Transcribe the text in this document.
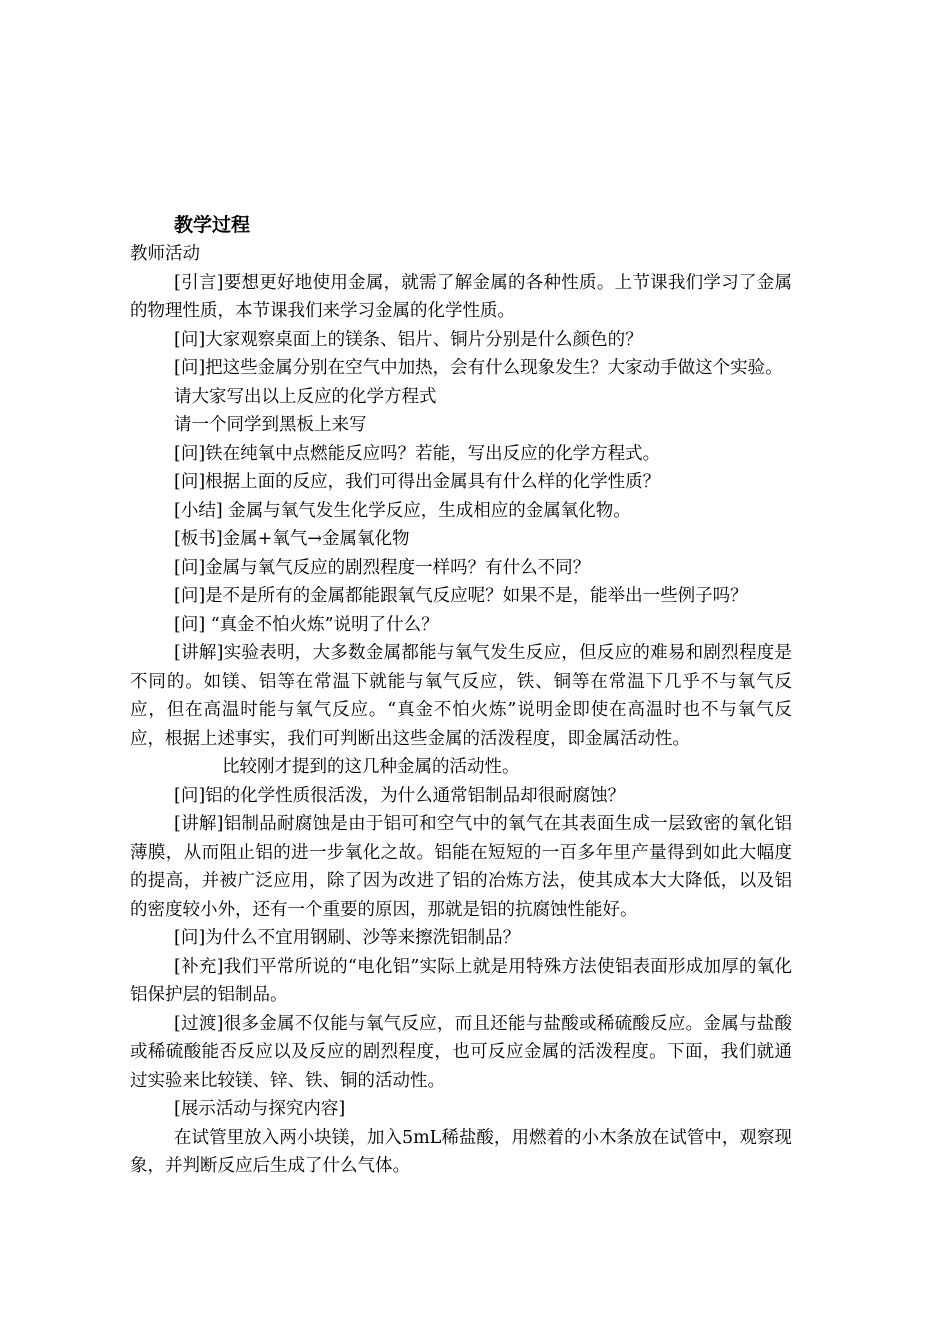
教学过程

教师活动

[引言]要想更好地使用金属，就需了解金属的各种性质。上节课我们学习了金属的物理性质，本节课我们来学习金属的化学性质。

[问]大家观察桌面上的镁条、铝片、铜片分别是什么颜色的？

[问]把这些金属分别在空气中加热，会有什么现象发生？大家动手做这个实验。

请大家写出以上反应的化学方程式

请一个同学到黑板上来写

[问]铁在纯氧中点燃能反应吗？若能，写出反应的化学方程式。

[问]根据上面的反应，我们可得出金属具有什么样的化学性质？

[小结] 金属与氧气发生化学反应，生成相应的金属氧化物。

[板书]金属+氧气→金属氧化物

[问]金属与氧气反应的剧烈程度一样吗？有什么不同？

[问]是不是所有的金属都能跟氧气反应呢？如果不是，能举出一些例子吗？

[问] “真金不怕火炼”说明了什么？

[讲解]实验表明，大多数金属都能与氧气发生反应，但反应的难易和剧烈程度是不同的。如镁、铝等在常温下就能与氧气反应，铁、铜等在常温下几乎不与氧气反应，但在高温时能与氧气反应。“真金不怕火炼”说明金即使在高温时也不与氧气反应，根据上述事实，我们可判断出这些金属的活泼程度，即金属活动性。

比较刚才提到的这几种金属的活动性。

[问]铝的化学性质很活泼，为什么通常铝制品却很耐腐蚀？

[讲解]铝制品耐腐蚀是由于铝可和空气中的氧气在其表面生成一层致密的氧化铝薄膜，从而阻止铝的进一步氧化之故。铝能在短短的一百多年里产量得到如此大幅度的提高，并被广泛应用，除了因为改进了铝的冶炼方法，使其成本大大降低，以及铝的密度较小外，还有一个重要的原因，那就是铝的抗腐蚀性能好。

[问]为什么不宜用钢刷、沙等来擦洗铝制品？

[补充]我们平常所说的“电化铝”实际上就是用特殊方法使铝表面形成加厚的氧化铝保护层的铝制品。

[过渡]很多金属不仅能与氧气反应，而且还能与盐酸或稀硫酸反应。金属与盐酸或稀硫酸能否反应以及反应的剧烈程度，也可反应金属的活泼程度。下面，我们就通过实验来比较镁、锌、铁、铜的活动性。

[展示活动与探究内容]

在试管里放入两小块镁，加入5mL稀盐酸，用燃着的小木条放在试管中，观察现象，并判断反应后生成了什么气体。
